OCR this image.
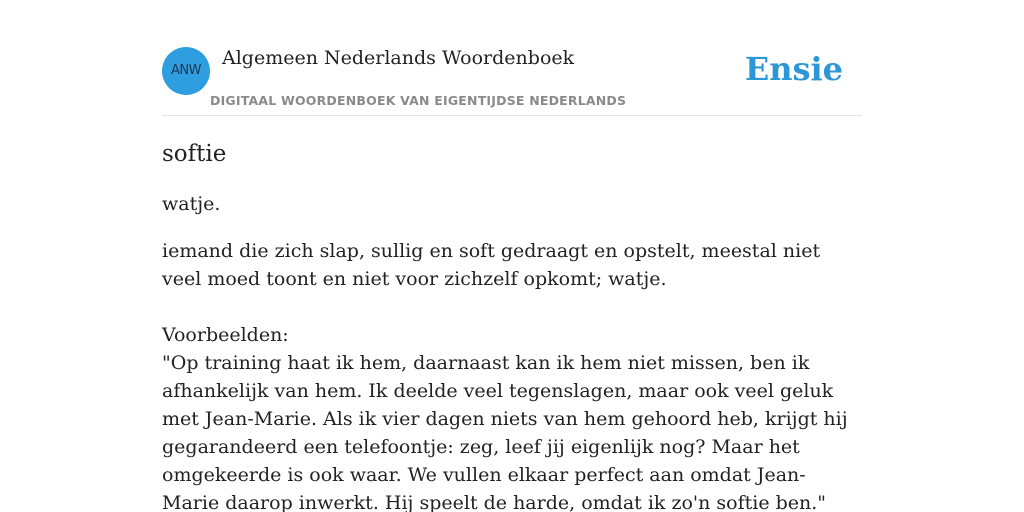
ANW
Algemeen Nederlands Woordenboek
DIGITAAL WOORDENBOEK VAN EIGENTIJDSE NEDERLANDS
Ensie
softie

watje.

iemand die zich slap, sullig en soft gedraagt en opstelt, meestal niet veel moed toont en niet voor zichzelf opkomt; watje.

Voorbeelden:
"Op training haat ik hem, daarnaast kan ik hem niet missen, ben ik afhankelijk van hem. Ik deelde veel tegenslagen, maar ook veel geluk met Jean-Marie. Als ik vier dagen niets van hem gehoord heb, krijgt hij gegarandeerd een telefoontje: zeg, leef jij eigenlijk nog? Maar het omgekeerde is ook waar. We vullen elkaar perfect aan omdat Jean-Marie daarop inwerkt. Hij speelt de harde, omdat ik zo'n softie ben."
